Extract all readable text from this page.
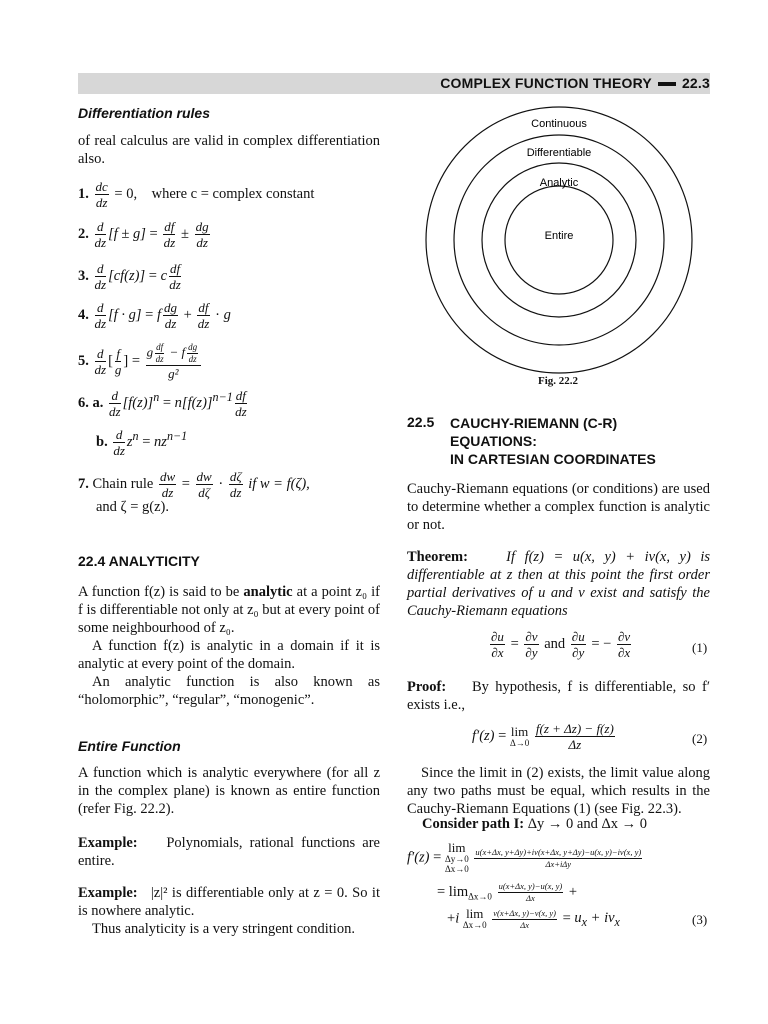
COMPLEX FUNCTION THEORY 22.3
Differentiation rules
of real calculus are valid in complex differentiation also.
1. $\frac{dc}{dz} = 0$,    where c = complex constant
2. $\frac{d}{dz} [f \pm g] = \frac{df}{dz} \pm \frac{dg}{dz}$
3. $\frac{d}{dz} [cf(z)] = c \frac{df}{dz}$
4. $\frac{d}{dz} [f \cdot g] = f \frac{dg}{dz} + \frac{df}{dz} \cdot g$
5. $\frac{d}{dz}$ [ $\frac{f}{g}$ ] = $\frac{g \frac{df}{dz} - f \frac{dg}{dz}}{\text{g²}}$
6. a. $\frac{d}{dz} [f(z)]^n = n[f(z)]^{n-1} \frac{df}{dz}$
b. $\frac{d}{dz} z^n = nz^{n-1}$
7. Chain rule $\frac{dw}{dz} = \frac{dw}{d\zeta} \cdot \frac{d\zeta}{dz}$ if w = f(ζ),
and ζ = g(z).
22.4 ANALYTICITY
A function f(z) is said to be analytic at a point z₀ if f is differentiable not only at z₀ but at every point of some neighbourhood of z₀.
A function f(z) is analytic in a domain if it is analytic at every point of the domain.
An analytic function is also known as “holomorphic”, “regular”, “monogenic”.
Entire Function
A function which is analytic everywhere (for all z in the complex plane) is known as entire function (refer Fig. 22.2).
Example: Polynomials, rational functions are entire.
Example: |z|² is differentiable only at z = 0. So it is nowhere analytic.
Thus analyticity is a very stringent condition.
Continuous
Differentiable
Analytic
Entire
Fig. 22.2
22.5 CAUCHY-RIEMANN (C-R)
EQUATIONS:
IN CARTESIAN COORDINATES
Cauchy-Riemann equations (or conditions) are used to determine whether a complex function is analytic or not.
Theorem:	If f(z) = u(x, y) + iv(x, y) is differentiable at z then at this point the first order partial derivatives of u and v exist and satisfy the Cauchy-Riemann equations
$\frac{\partial u}{\partial x} = \frac{\partial v}{\partial y}$ and $\frac{\partial u}{\partial y}$ = − $\frac{\partial v}{\partial x}$	(1)
Proof: By hypothesis, f is differentiable, so f′ exists i.e.,
f′(z) = lim
Δ→0
$\frac{f(z + \Delta z) - f(z)}{\Delta z}$	(2)
Since the limit in (2) exists, the limit value along any two paths must be equal, which results in the Cauchy-Riemann Equations (1) (see Fig. 22.3).
Consider path I: Δy → 0 and Δx → 0
f′(z) = lim
Δy→0
Δx→0

$\frac{u(x+\Delta x, y+\Delta y)+iv(x+\Delta x, y+\Delta y)-u(x, y)-iv(x, y)}{\text{Δx+iΔy}}$
= $\lim_{\Delta x\to 0} \frac{u(x+\Delta x, y)-u(x, y)}{\Delta x}$ +
+i lim
Δx→0
$\frac{v(x+\Delta x, y)-v(x, y)}{\Delta x} = u_x + iv_x$	(3)
